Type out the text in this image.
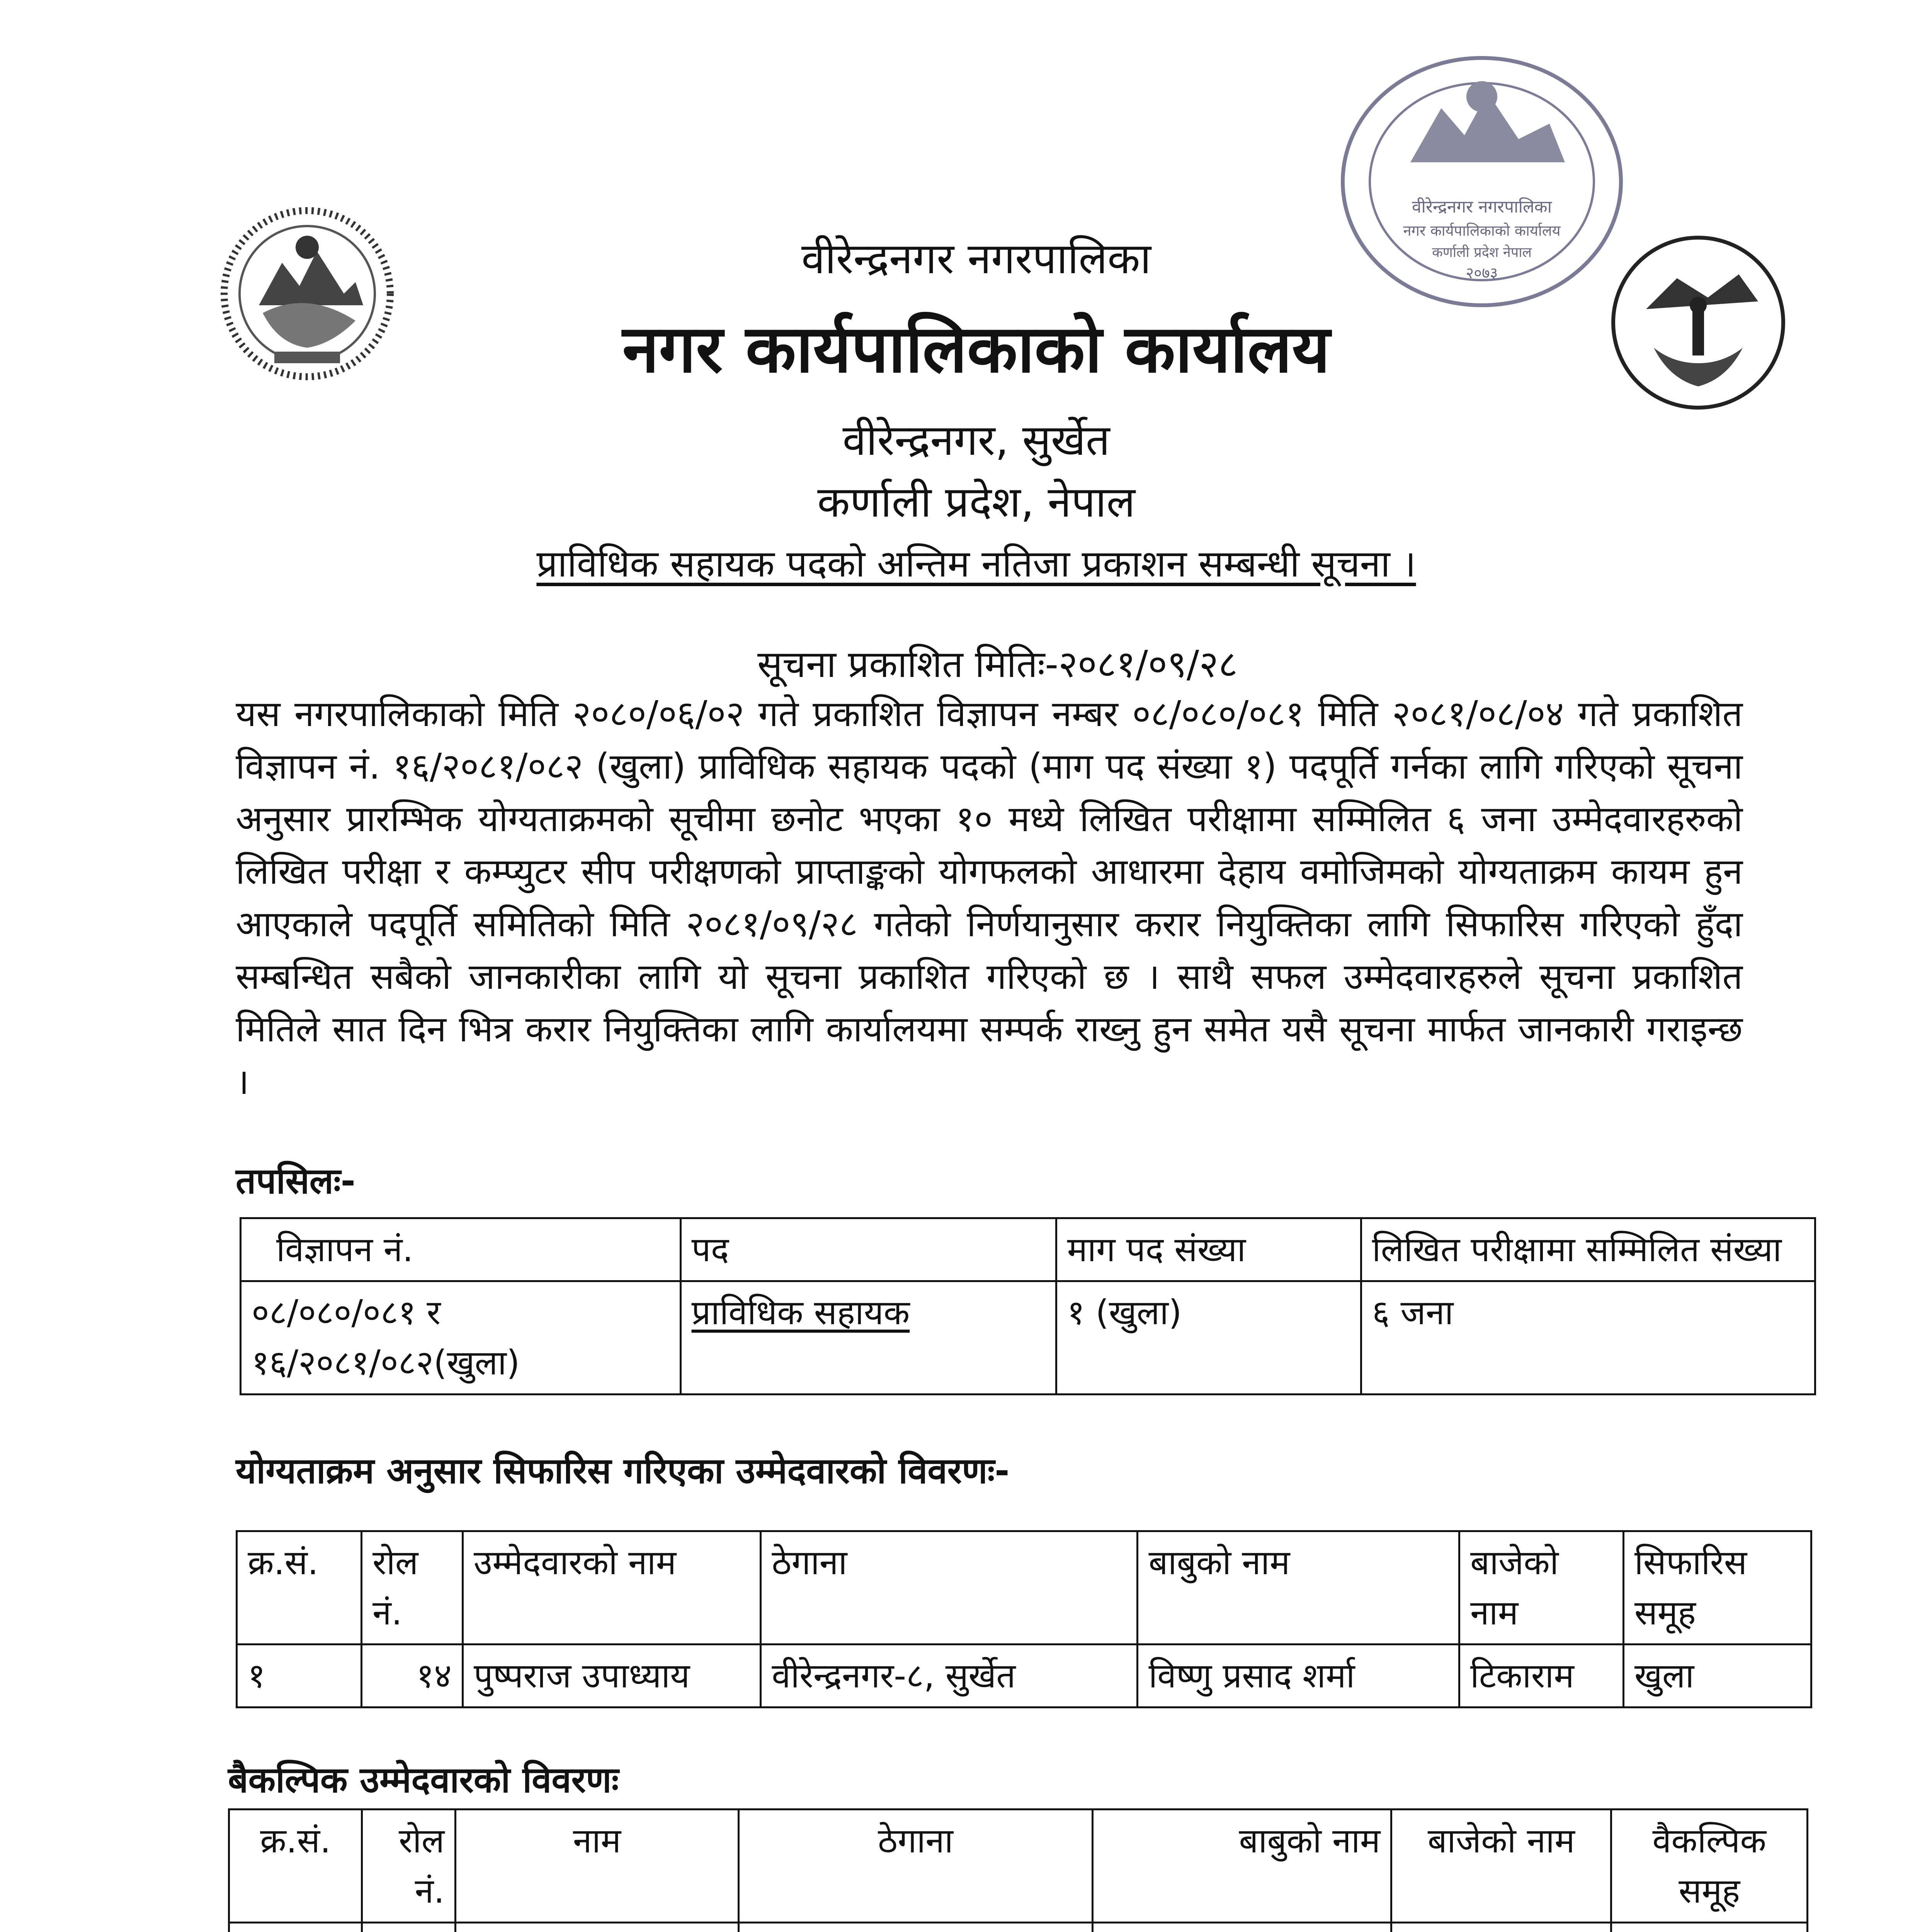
वीरेन्द्रनगर नगरपालिका
नगर कार्यपालिकाको कार्यालय
कर्णाली प्रदेश नेपाल
२०७३
वीरेन्द्रनगर नगरपालिका
नगर कार्यपालिकाको कार्यालय
वीरेन्द्रनगर, सुर्खेत
कर्णाली प्रदेश, नेपाल
प्राविधिक सहायक पदको अन्तिम नतिजा प्रकाशन सम्बन्धी सूचना ।
सूचना प्रकाशित मितिः-२०८१/०९/२८

यस नगरपालिकाको मिति २०८०/०६/०२ गते प्रकाशित विज्ञापन नम्बर ०८/०८०/०८१ मिति २०८१/०८/०४ गते प्रकाशित विज्ञापन नं. १६/२०८१/०८२ (खुला) प्राविधिक सहायक पदको (माग पद संख्या १) पदपूर्ति गर्नका लागि गरिएको सूचना अनुसार प्रारम्भिक योग्यताक्रमको सूचीमा छनोट भएका १० मध्ये लिखित परीक्षामा सम्मिलित ६ जना उम्मेदवारहरुको लिखित परीक्षा र कम्प्युटर सीप परीक्षणको प्राप्ताङ्कको योगफलको आधारमा देहाय वमोजिमको योग्यताक्रम कायम हुन आएकाले पदपूर्ति समितिको मिति २०८१/०९/२८ गतेको निर्णयानुसार करार नियुक्तिका लागि सिफारिस गरिएको हुँदा सम्बन्धित सबैको जानकारीका लागि यो सूचना प्रकाशित गरिएको छ । साथै सफल उम्मेदवारहरुले सूचना प्रकाशित मितिले सात दिन भित्र करार नियुक्तिका लागि कार्यालयमा सम्पर्क राख्नु हुन समेत यसै सूचना मार्फत जानकारी गराइन्छ ।

तपसिलः-
विज्ञापन नं.	पद	माग पद संख्या	लिखित परीक्षामा सम्मिलित संख्या

०८/०८०/०८१ र
१६/२०८१/०८२(खुला)	प्राविधिक सहायक	१ (खुला)	६ जना
योग्यताक्रम अनुसार सिफारिस गरिएका उम्मेदवारको विवरणः-
क्र.सं.	रोल नं.	उम्मेदवारको नाम	ठेगाना	बाबुको नाम	बाजेको नाम	सिफारिस समूह
१	१४	पुष्पराज उपाध्याय	वीरेन्द्रनगर-८, सुर्खेत	विष्णु प्रसाद शर्मा	टिकाराम	खुला
बैकल्पिक उम्मेदवारको विवरणः
क्र.सं.	रोल नं.	नाम	ठेगाना	बाबुको नाम	बाजेको नाम	वैकल्पिक समूह
